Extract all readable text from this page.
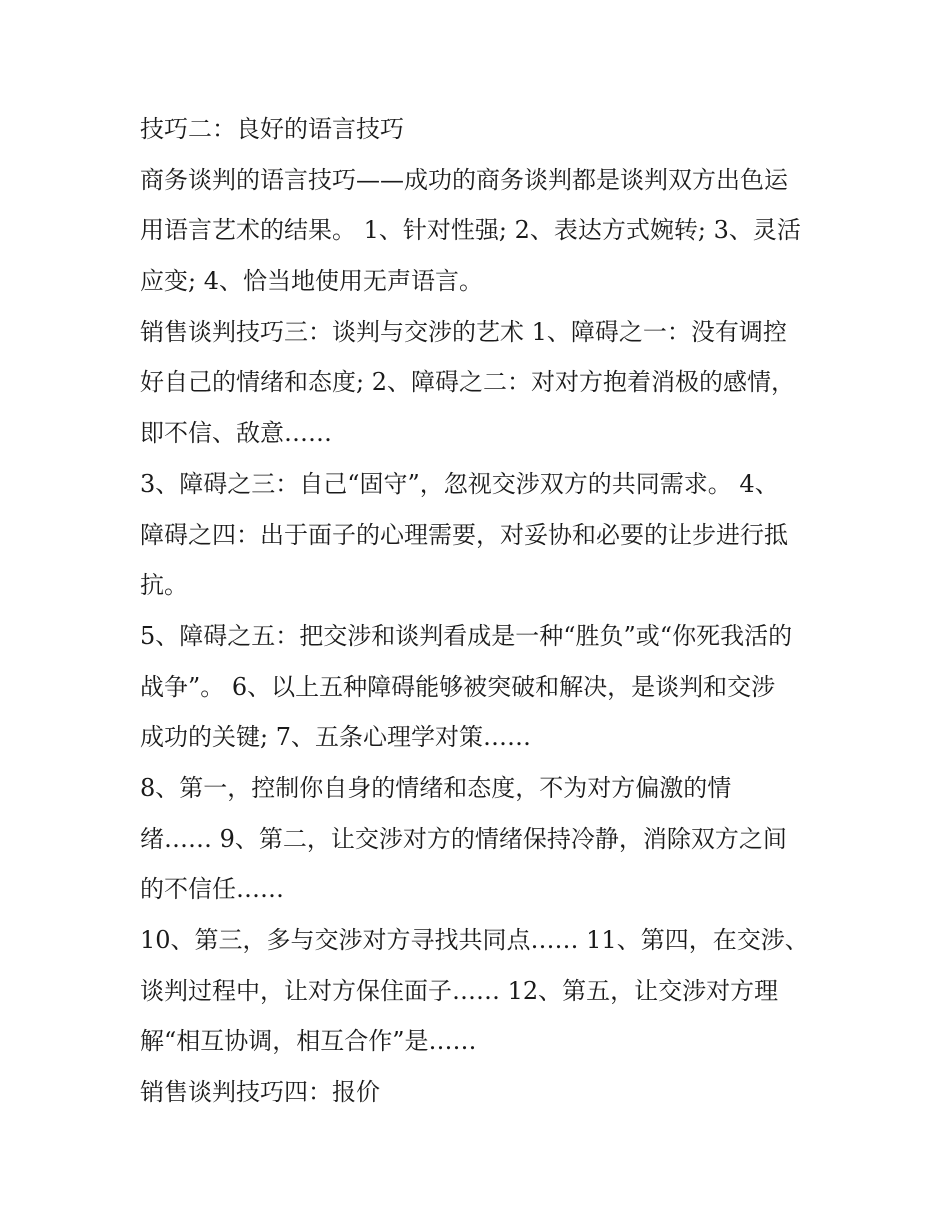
技巧二：良好的语言技巧
商务谈判的语言技巧——成功的商务谈判都是谈判双方出色运
用语言艺术的结果。 1、针对性强; 2、表达方式婉转; 3、灵活
应变; 4、恰当地使用无声语言。
销售谈判技巧三：谈判与交涉的艺术 1、障碍之一：没有调控
好自己的情绪和态度; 2、障碍之二：对对方抱着消极的感情，
即不信、敌意……
3、障碍之三：自己“固守”，忽视交涉双方的共同需求。 4、
障碍之四：出于面子的心理需要，对妥协和必要的让步进行抵
抗。
5、障碍之五：把交涉和谈判看成是一种“胜负”或“你死我活的
战争”。 6、以上五种障碍能够被突破和解决，是谈判和交涉
成功的关键; 7、五条心理学对策……
8、第一，控制你自身的情绪和态度，不为对方偏激的情
绪…… 9、第二，让交涉对方的情绪保持冷静，消除双方之间
的不信任……
10、第三，多与交涉对方寻找共同点…… 11、第四，在交涉、
谈判过程中，让对方保住面子…… 12、第五，让交涉对方理
解“相互协调，相互合作”是……
销售谈判技巧四：报价
